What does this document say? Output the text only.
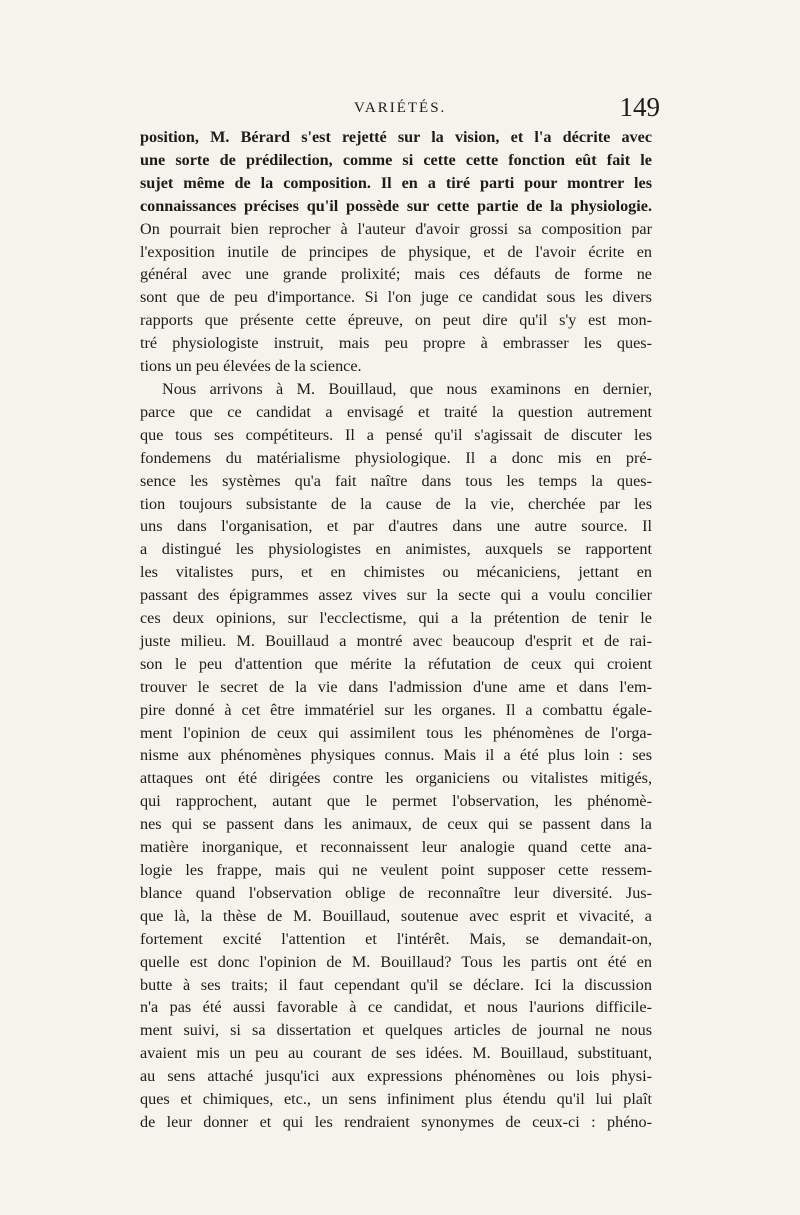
VARIÉTÉS.	149
position, M. Bérard s'est rejetté sur la vision, et l'a décrite avec
une sorte de prédilection, comme si cette cette fonction eût fait le
sujet même de la composition. Il en a tiré parti pour montrer les
connaissances précises qu'il possède sur cette partie de la physiologie.
On pourrait bien reprocher à l'auteur d'avoir grossi sa composition par
l'exposition inutile de principes de physique, et de l'avoir écrite en
général avec une grande prolixité; mais ces défauts de forme ne
sont que de peu d'importance. Si l'on juge ce candidat sous les divers
rapports que présente cette épreuve, on peut dire qu'il s'y est mon-
tré physiologiste instruit, mais peu propre à embrasser les ques-
tions un peu élevées de la science.
Nous arrivons à M. Bouillaud, que nous examinons en dernier,
parce que ce candidat a envisagé et traité la question autrement
que tous ses compétiteurs. Il a pensé qu'il s'agissait de discuter les
fondemens du matérialisme physiologique. Il a donc mis en pré-
sence les systèmes qu'a fait naître dans tous les temps la ques-
tion toujours subsistante de la cause de la vie, cherchée par les
uns dans l'organisation, et par d'autres dans une autre source. Il
a distingué les physiologistes en animistes, auxquels se rapportent
les vitalistes purs, et en chimistes ou mécaniciens, jettant en
passant des épigrammes assez vives sur la secte qui a voulu concilier
ces deux opinions, sur l'ecclectisme, qui a la prétention de tenir le
juste milieu. M. Bouillaud a montré avec beaucoup d'esprit et de rai-
son le peu d'attention que mérite la réfutation de ceux qui croient
trouver le secret de la vie dans l'admission d'une ame et dans l'em-
pire donné à cet être immatériel sur les organes. Il a combattu égale-
ment l'opinion de ceux qui assimilent tous les phénomènes de l'orga-
nisme aux phénomènes physiques connus. Mais il a été plus loin : ses
attaques ont été dirigées contre les organiciens ou vitalistes mitigés,
qui rapprochent, autant que le permet l'observation, les phénomè-
nes qui se passent dans les animaux, de ceux qui se passent dans la
matière inorganique, et reconnaissent leur analogie quand cette ana-
logie les frappe, mais qui ne veulent point supposer cette ressem-
blance quand l'observation oblige de reconnaître leur diversité. Jus-
que là, la thèse de M. Bouillaud, soutenue avec esprit et vivacité, a
fortement excité l'attention et l'intérêt. Mais, se demandait-on,
quelle est donc l'opinion de M. Bouillaud? Tous les partis ont été en
butte à ses traits; il faut cependant qu'il se déclare. Ici la discussion
n'a pas été aussi favorable à ce candidat, et nous l'aurions difficile-
ment suivi, si sa dissertation et quelques articles de journal ne nous
avaient mis un peu au courant de ses idées. M. Bouillaud, substituant,
au sens attaché jusqu'ici aux expressions phénomènes ou lois physi-
ques et chimiques, etc., un sens infiniment plus étendu qu'il lui plaît
de leur donner et qui les rendraient synonymes de ceux-ci : phéno-
